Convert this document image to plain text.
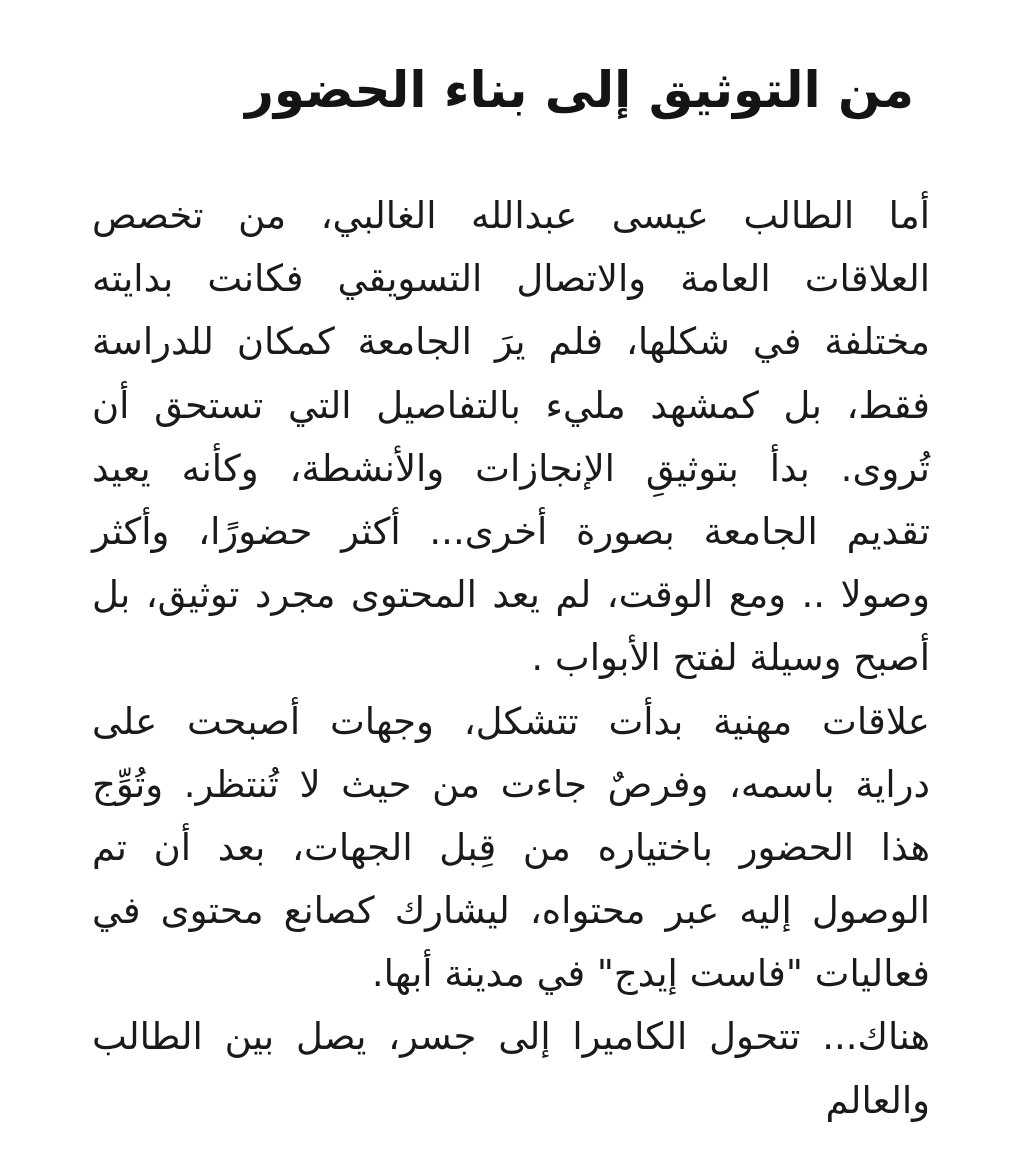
من التوثيق إلى بناء الحضور

أما الطالب عيسى عبدالله الغالبي، من تخصص
العلاقات العامة والاتصال التسويقي فكانت بدايته
مختلفة في شكلها، فلم يرَ الجامعة كمكان للدراسة
فقط، بل كمشهد مليء بالتفاصيل التي تستحق أن
تُروى. بدأ بتوثيقِ الإنجازات والأنشطة، وكأنه يعيد
تقديم الجامعة بصورة أخرى... أكثر حضورًا، وأكثر
وصولا .. ومع الوقت، لم يعد المحتوى مجرد توثيق، بل
أصبح وسيلة لفتح الأبواب .

علاقات مهنية بدأت تتشكل، وجهات أصبحت على
دراية باسمه، وفرصٌ جاءت من حيث لا تُنتظر. وتُوِّج
هذا الحضور باختياره من قِبل الجهات، بعد أن تم
الوصول إليه عبر محتواه، ليشارك كصانع محتوى في
فعاليات "فاست إيدج" في مدينة أبها.

هناك... تتحول الكاميرا إلى جسر، يصل بين الطالب
والعالم
